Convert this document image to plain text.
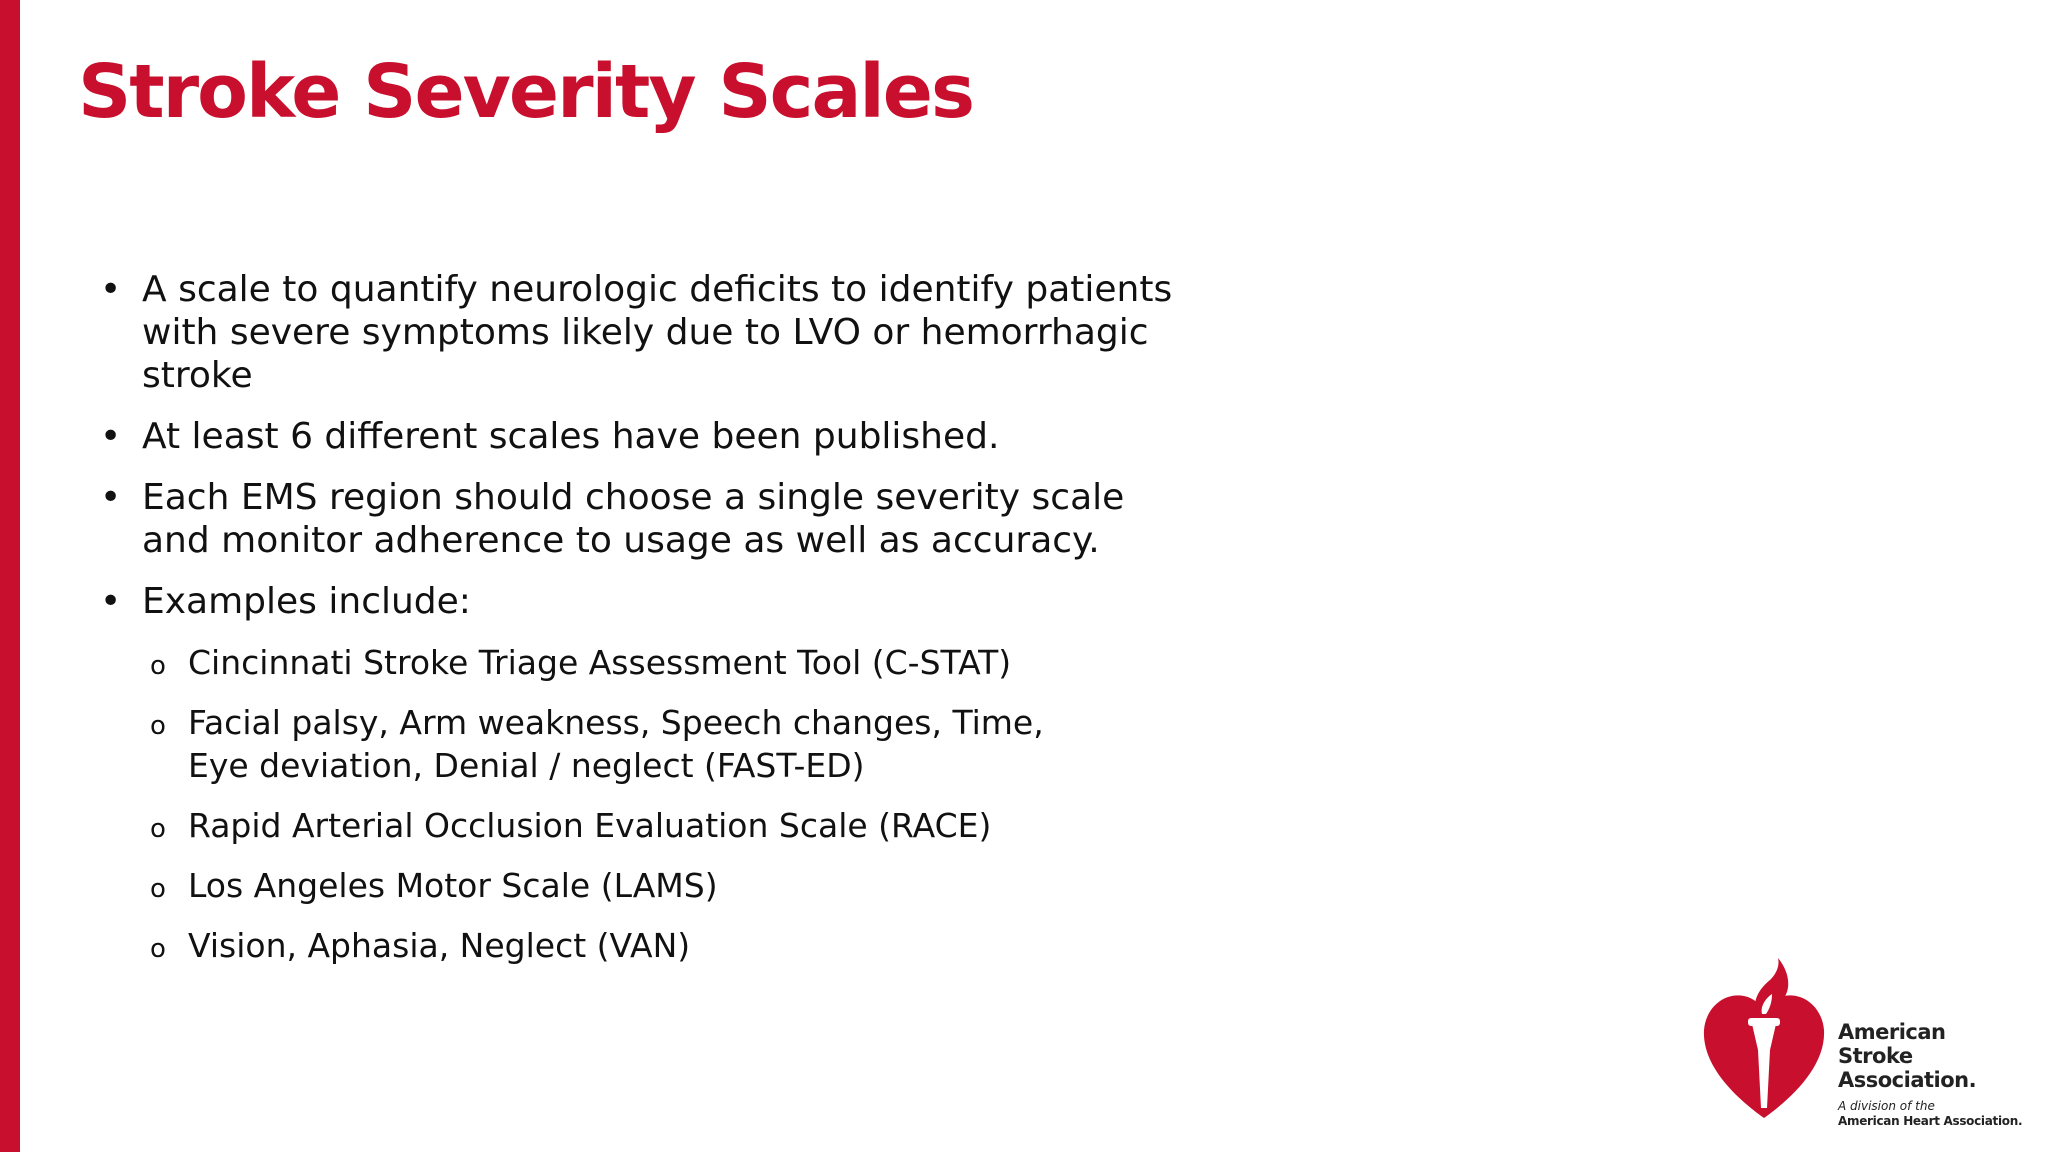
Stroke Severity Scales
• A scale to quantify neurologic deficits to identify patients with severe symptoms likely due to LVO or hemorrhagic stroke
• At least 6 different scales have been published.
• Each EMS region should choose a single severity scale and monitor adherence to usage as well as accuracy.
• Examples include:
o Cincinnati Stroke Triage Assessment Tool (C-STAT)
o Facial palsy, Arm weakness, Speech changes, Time,
Eye deviation, Denial / neglect (FAST-ED)
o Rapid Arterial Occlusion Evaluation Scale (RACE)
o Los Angeles Motor Scale (LAMS)
o Vision, Aphasia, Neglect (VAN)
American
Stroke
Association.
A division of the
American Heart Association.
